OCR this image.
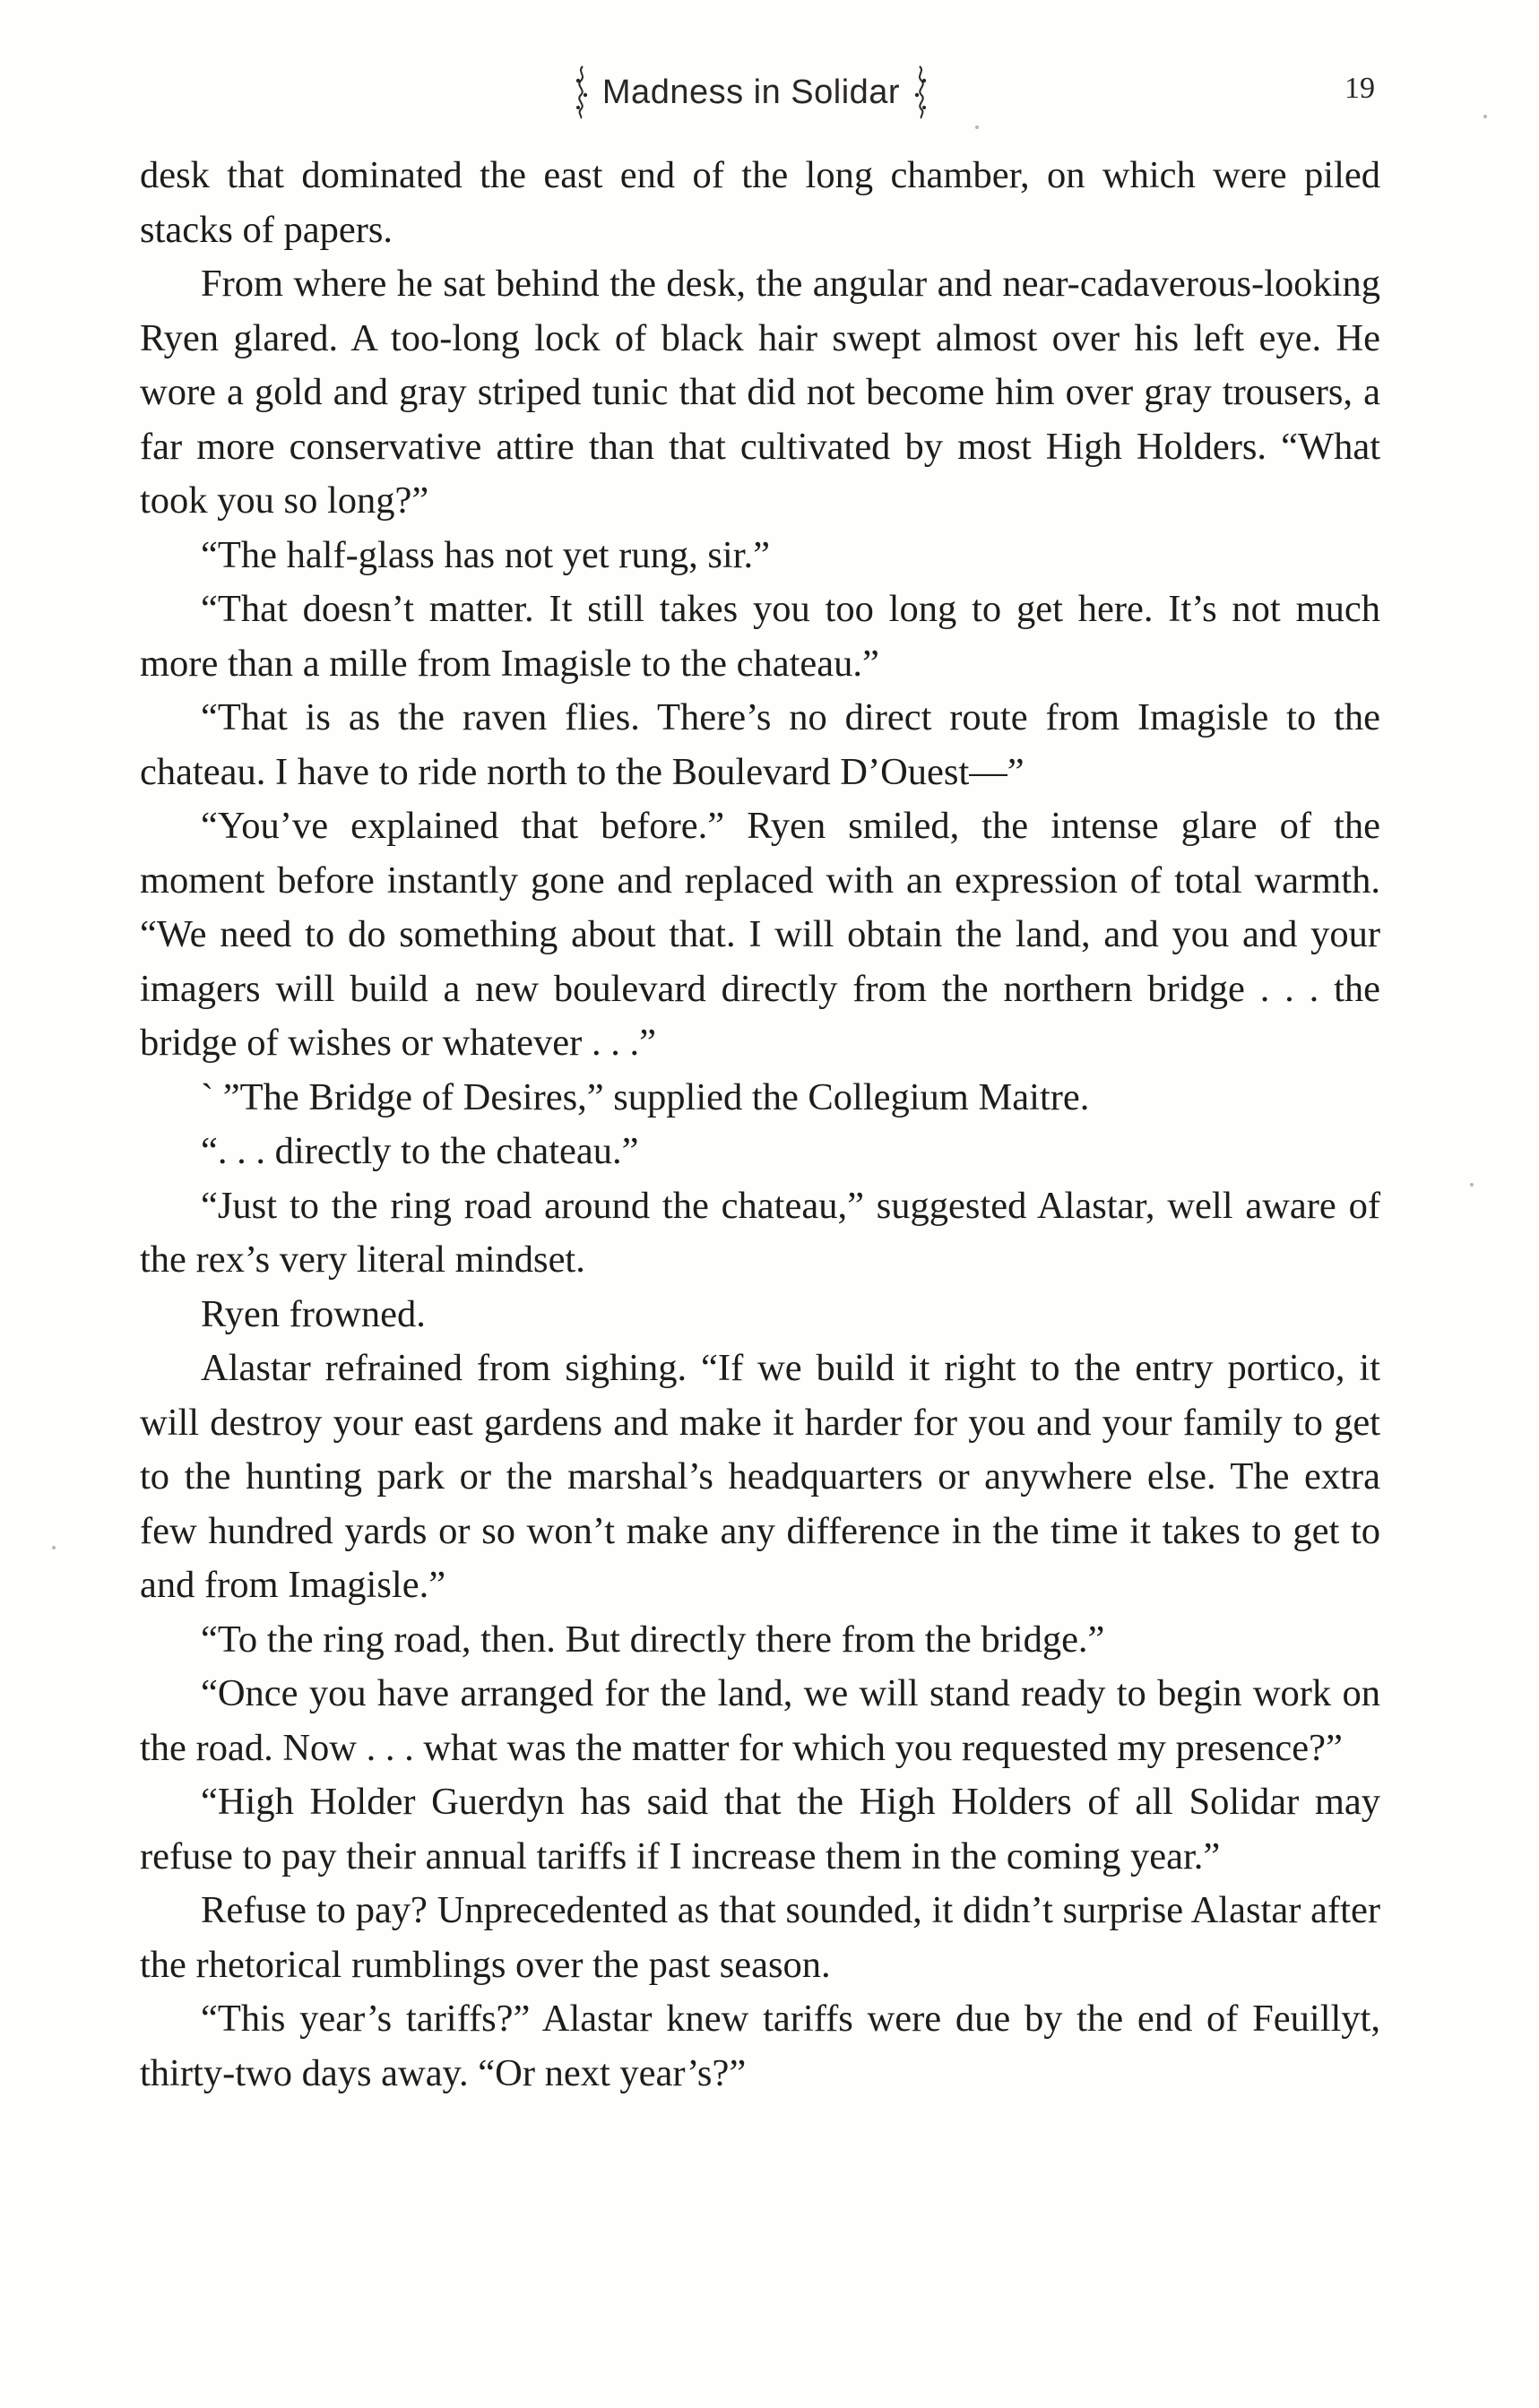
Madness in Solidar	19

desk that dominated the east end of the long chamber, on which were piled stacks of papers.

From where he sat behind the desk, the angular and near-cadaverous-looking Ryen glared. A too-long lock of black hair swept almost over his left eye. He wore a gold and gray striped tunic that did not become him over gray trousers, a far more conservative attire than that cultivated by most High Holders. “What took you so long?”

“The half-glass has not yet rung, sir.”

“That doesn’t matter. It still takes you too long to get here. It’s not much more than a mille from Imagisle to the chateau.”

“That is as the raven flies. There’s no direct route from Imagisle to the chateau. I have to ride north to the Boulevard D’Ouest—”

“You’ve explained that before.” Ryen smiled, the intense glare of the moment before instantly gone and replaced with an expression of total warmth. “We need to do something about that. I will obtain the land, and you and your imagers will build a new boulevard directly from the northern bridge . . . the bridge of wishes or whatever . . .”

` ”The Bridge of Desires,” supplied the Collegium Maitre.

“. . . directly to the chateau.”

“Just to the ring road around the chateau,” suggested Alastar, well aware of the rex’s very literal mindset.

Ryen frowned.

Alastar refrained from sighing. “If we build it right to the entry portico, it will destroy your east gardens and make it harder for you and your family to get to the hunting park or the marshal’s headquarters or anywhere else. The extra few hundred yards or so won’t make any difference in the time it takes to get to and from Imagisle.”

“To the ring road, then. But directly there from the bridge.”

“Once you have arranged for the land, we will stand ready to begin work on the road. Now . . . what was the matter for which you requested my presence?”

“High Holder Guerdyn has said that the High Holders of all Solidar may refuse to pay their annual tariffs if I increase them in the coming year.”

Refuse to pay? Unprecedented as that sounded, it didn’t surprise Alastar after the rhetorical rumblings over the past season.

“This year’s tariffs?” Alastar knew tariffs were due by the end of Feuillyt, thirty-two days away. “Or next year’s?”
